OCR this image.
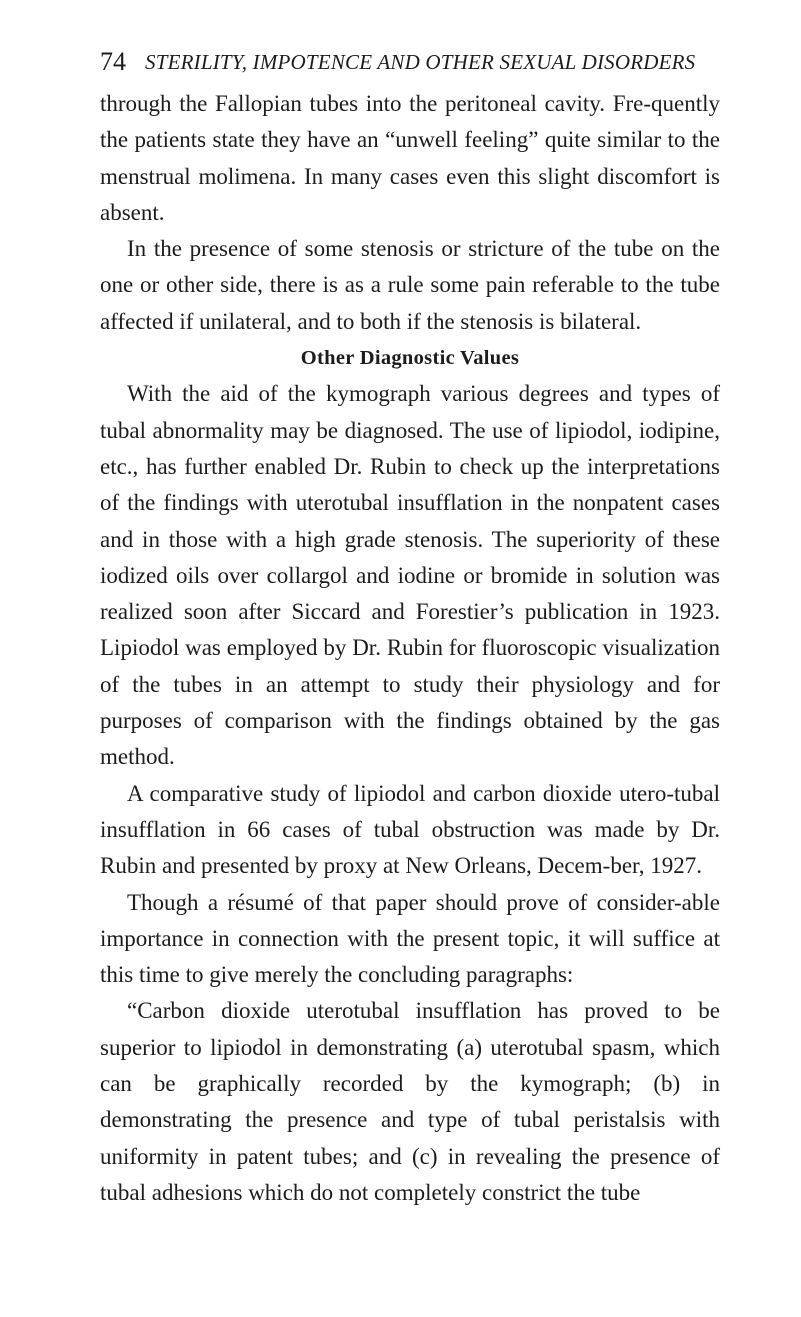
74 STERILITY, IMPOTENCE AND OTHER SEXUAL DISORDERS

through the Fallopian tubes into the peritoneal cavity. Fre-quently the patients state they have an “unwell feeling” quite similar to the menstrual molimena. In many cases even this slight discomfort is absent.

In the presence of some stenosis or stricture of the tube on the one or other side, there is as a rule some pain referable to the tube affected if unilateral, and to both if the stenosis is bilateral.

Other Diagnostic Values

With the aid of the kymograph various degrees and types of tubal abnormality may be diagnosed. The use of lipiodol, iodipine, etc., has further enabled Dr. Rubin to check up the interpretations of the findings with uterotubal insufflation in the nonpatent cases and in those with a high grade stenosis. The superiority of these iodized oils over collargol and iodine or bromide in solution was realized soon after Siccard and Forestier’s publication in 1923. Lipiodol was employed by Dr. Rubin for fluoroscopic visualization of the tubes in an attempt to study their physiology and for purposes of comparison with the findings obtained by the gas method.

A comparative study of lipiodol and carbon dioxide utero-tubal insufflation in 66 cases of tubal obstruction was made by Dr. Rubin and presented by proxy at New Orleans, Decem-ber, 1927.

Though a résumé of that paper should prove of consider-able importance in connection with the present topic, it will suffice at this time to give merely the concluding paragraphs:

“Carbon dioxide uterotubal insufflation has proved to be superior to lipiodol in demonstrating (a) uterotubal spasm, which can be graphically recorded by the kymograph; (b) in demonstrating the presence and type of tubal peristalsis with uniformity in patent tubes; and (c) in revealing the presence of tubal adhesions which do not completely constrict the tube
